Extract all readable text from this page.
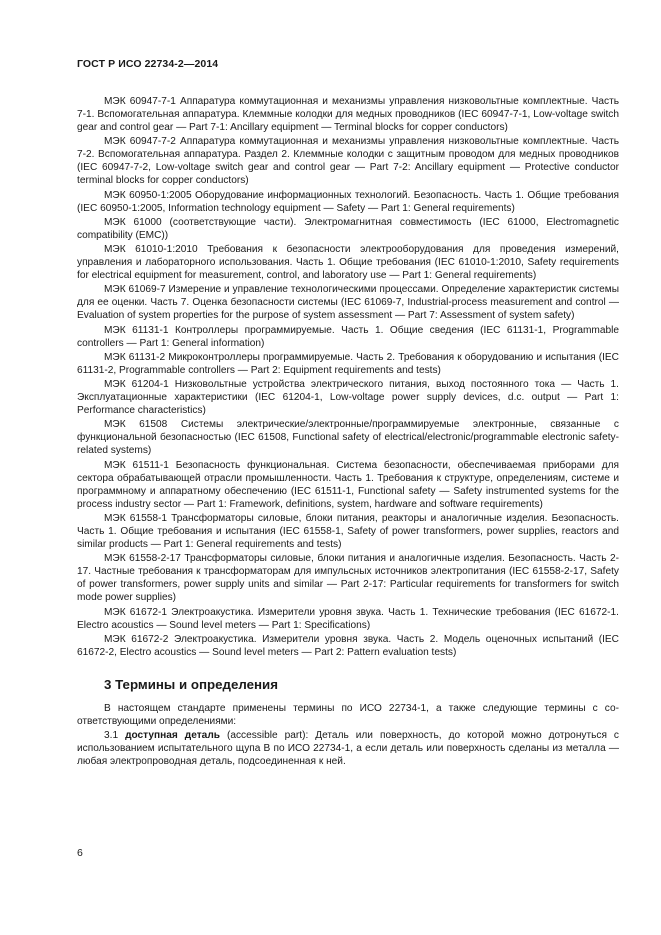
ГОСТ Р ИСО 22734-2—2014

МЭК 60947-7-1 Аппаратура коммутационная и механизмы управления низковольтные комплектные. Часть 7-1. Вспомогательная аппаратура. Клеммные колодки для медных проводников (IEC 60947-7-1, Low-voltage switch gear and control gear — Part 7-1: Ancillary equipment — Terminal blocks for copper conductors)

МЭК 60947-7-2 Аппаратура коммутационная и механизмы управления низковольтные комплектные. Часть 7-2. Вспомогательная аппаратура. Раздел 2. Клеммные колодки с защитным проводом для медных проводников (IEC 60947-7-2, Low-voltage switch gear and control gear — Part 7-2: Ancillary equipment — Protective conductor terminal blocks for copper conductors)

МЭК 60950-1:2005 Оборудование информационных технологий. Безопасность. Часть 1. Общие требования (IEC 60950-1:2005, Information technology equipment — Safety — Part 1: General requirements)

МЭК 61000 (соответствующие части). Электромагнитная совместимость (IEC 61000, Electromagnetic compatibility (EMC))

МЭК 61010-1:2010 Требования к безопасности электрооборудования для проведения измерений, управления и лабораторного использования. Часть 1. Общие требования (IEC 61010-1:2010, Safety requirements for electrical equipment for measurement, control, and laboratory use — Part 1: General requirements)

МЭК 61069-7 Измерение и управление технологическими процессами. Определение характеристик системы для ее оценки. Часть 7. Оценка безопасности системы (IEC 61069-7, Industrial-process measurement and control — Evaluation of system properties for the purpose of system assessment — Part 7: Assessment of system safety)

МЭК 61131-1 Контроллеры программируемые. Часть 1. Общие сведения (IEC 61131-1, Programmable controllers — Part 1: General information)

МЭК 61131-2 Микроконтроллеры программируемые. Часть 2. Требования к оборудованию и испытания (IEC 61131-2, Programmable controllers — Part 2: Equipment requirements and tests)

МЭК 61204-1 Низковольтные устройства электрического питания, выход постоянного тока — Часть 1. Эксплуатационные характеристики (IEC 61204-1, Low-voltage power supply devices, d.c. output — Part 1: Performance characteristics)

МЭК 61508 Системы электрические/электронные/программируемые электронные, связанные с функциональной безопасностью (IEC 61508, Functional safety of electrical/electronic/programmable electronic safety-related systems)

МЭК 61511-1 Безопасность функциональная. Система безопасности, обеспечиваемая приборами для сектора обрабатывающей отрасли промышленности. Часть 1. Требования к структуре, определениям, системе и программному и аппаратному обеспечению (IEC 61511-1, Functional safety — Safety instrumented systems for the process industry sector — Part 1: Framework, definitions, system, hardware and software requirements)

МЭК 61558-1 Трансформаторы силовые, блоки питания, реакторы и аналогичные изделия. Безопасность. Часть 1. Общие требования и испытания (IEC 61558-1, Safety of power transformers, power supplies, reactors and similar products — Part 1: General requirements and tests)

МЭК 61558-2-17 Трансформаторы силовые, блоки питания и аналогичные изделия. Безопасность. Часть 2-17. Частные требования к трансформаторам для импульсных источников электропитания (IEC 61558-2-17, Safety of power transformers, power supply units and similar — Part 2-17: Particular requirements for transformers for switch mode power supplies)

МЭК 61672-1 Электроакустика. Измерители уровня звука. Часть 1. Технические требования (IEC 61672-1. Electro acoustics — Sound level meters — Part 1: Specifications)

МЭК 61672-2 Электроакустика. Измерители уровня звука. Часть 2. Модель оценочных испытаний (IEC 61672-2, Electro acoustics — Sound level meters — Part 2: Pattern evaluation tests)

3 Термины и определения

В настоящем стандарте применены термины по ИСО 22734-1, а также следующие термины с соответствующими определениями:

3.1 доступная деталь (accessible part): Деталь или поверхность, до которой можно дотронуться с использованием испытательного щупа B по ИСО 22734-1, а если деталь или поверхность сделаны из металла — любая электропроводная деталь, подсоединенная к ней.

6
